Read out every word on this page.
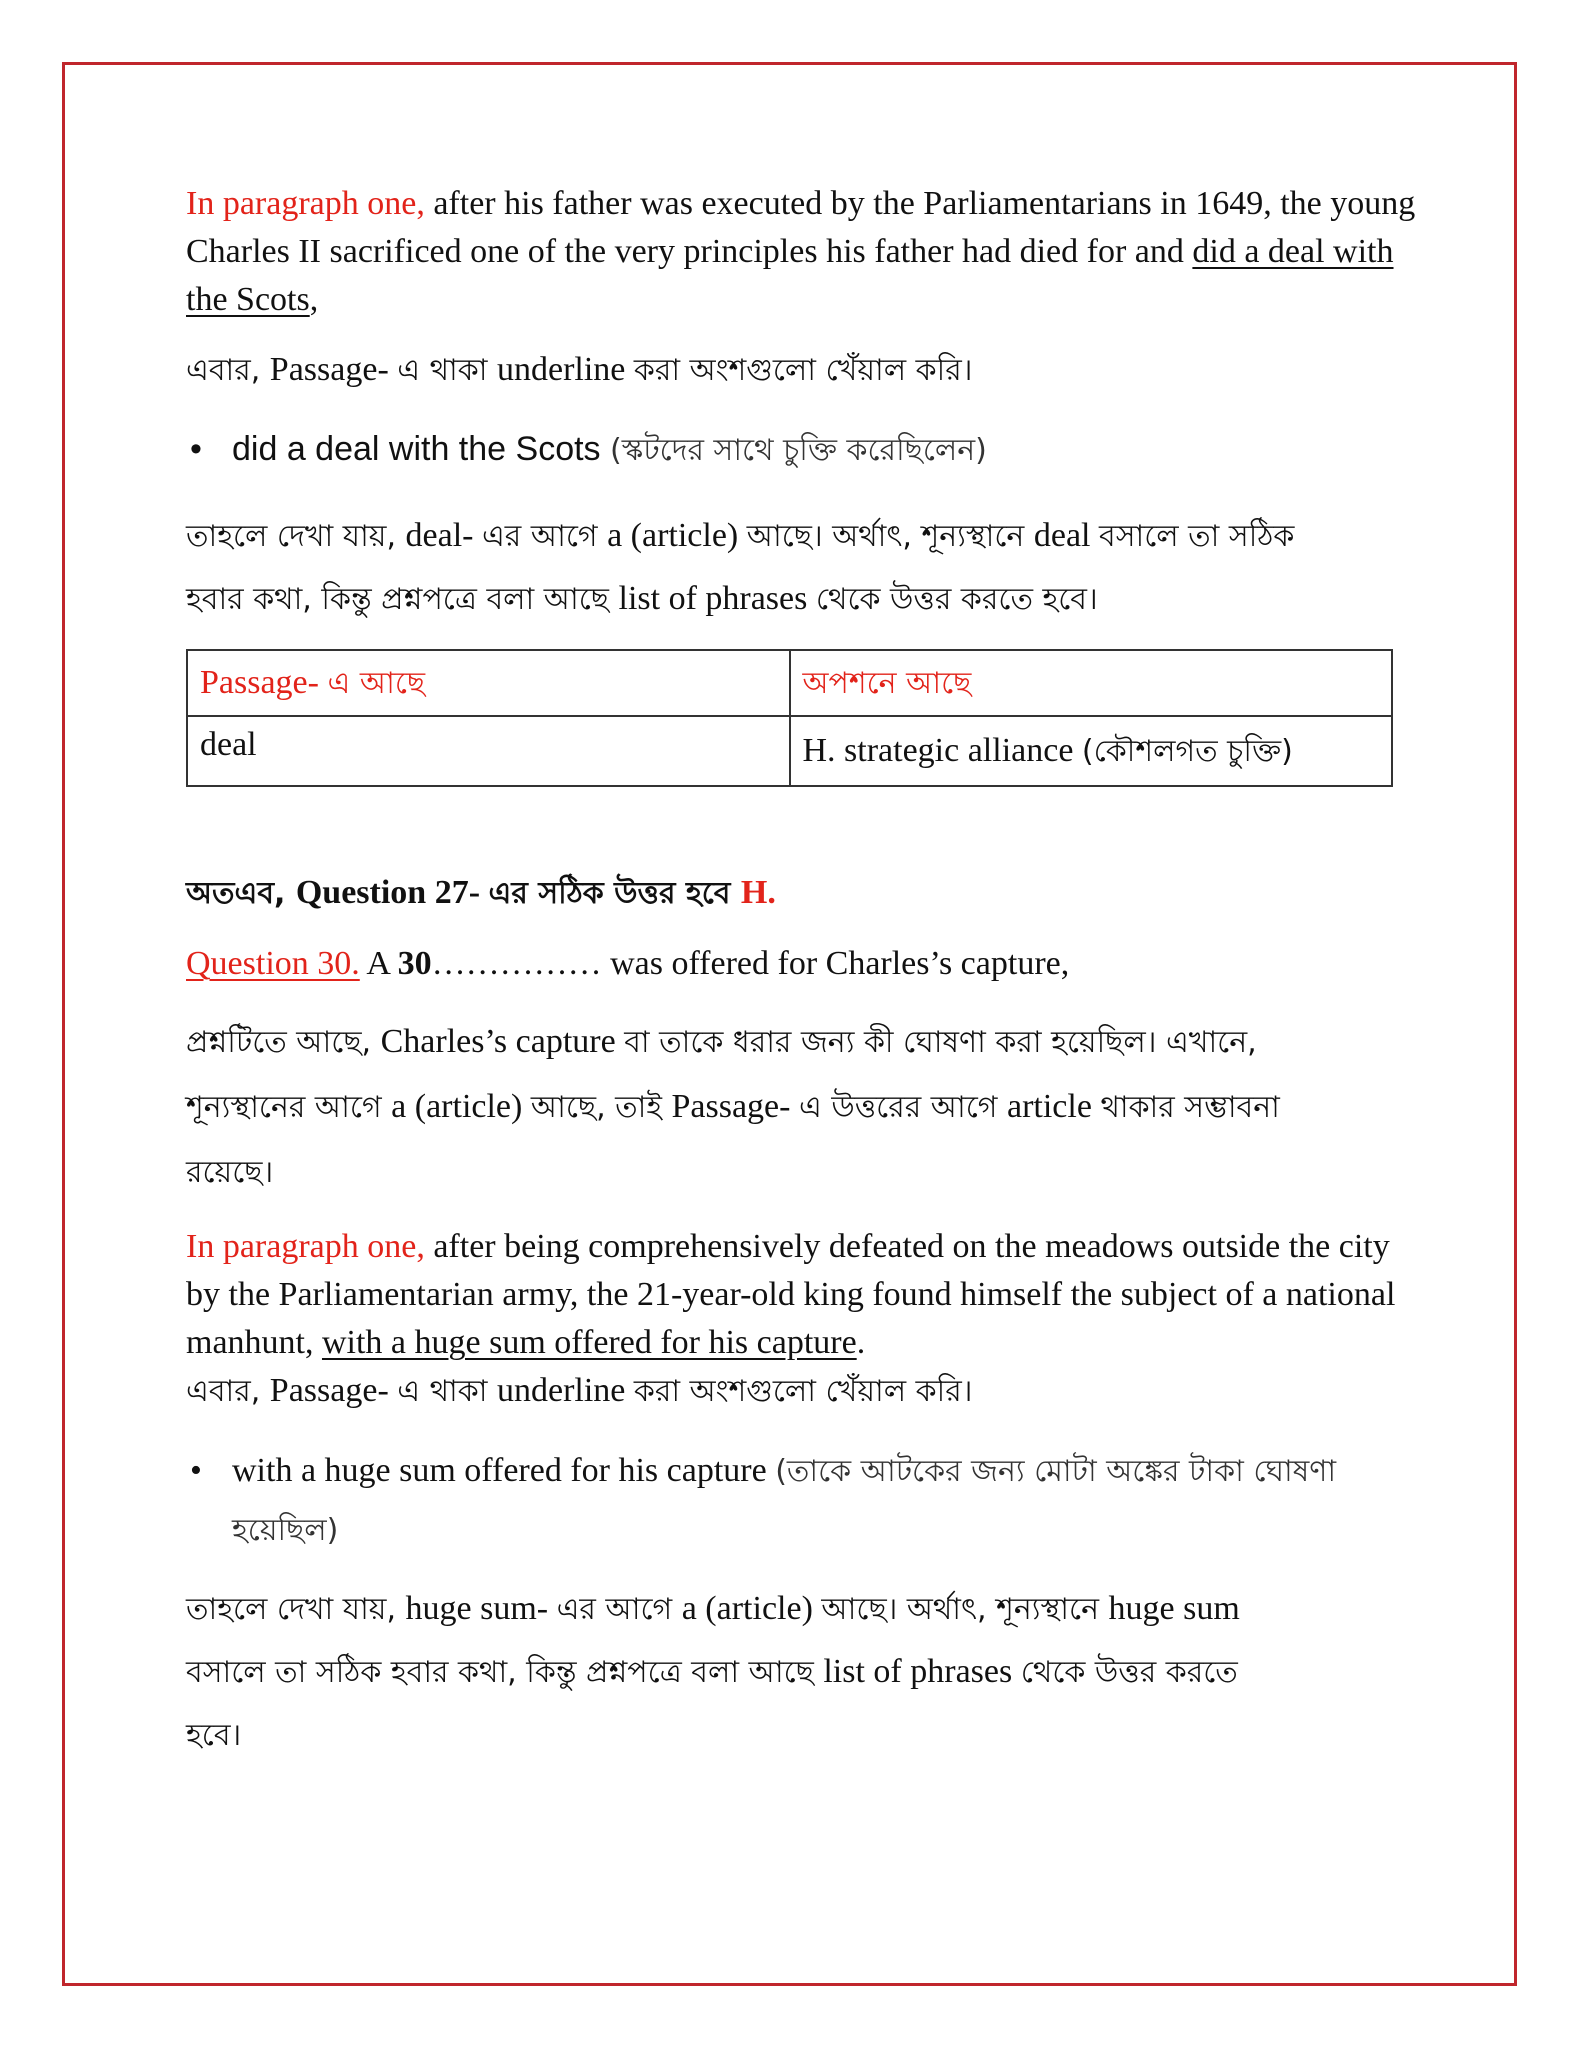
In paragraph one, after his father was executed by the Parliamentarians in 1649, the young Charles II sacrificed one of the very principles his father had died for and did a deal with the Scots,

এবার, Passage- এ থাকা underline করা অংশগুলো খেঁয়াল করি।

• did a deal with the Scots (স্কটদের সাথে চুক্তি করেছিলেন)

তাহলে দেখা যায়, deal- এর আগে a (article) আছে। অর্থাৎ, শূন্যস্থানে deal বসালে তা সঠিক
হবার কথা, কিন্তু প্রশ্নপত্রে বলা আছে list of phrases থেকে উত্তর করতে হবে।

Passage- এ আছে	অপশনে আছে
deal	H. strategic alliance (কৌশলগত চুক্তি)

অতএব, Question 27- এর সঠিক উত্তর হবে H.

Question 30. A 30…………… was offered for Charles’s capture,

প্রশ্নটিতে আছে, Charles’s capture বা তাকে ধরার জন্য কী ঘোষণা করা হয়েছিল। এখানে,
শূন্যস্থানের আগে a (article) আছে, তাই Passage- এ উত্তরের আগে article থাকার সম্ভাবনা
রয়েছে।

In paragraph one, after being comprehensively defeated on the meadows outside the city by the Parliamentarian army, the 21-year-old king found himself the subject of a national manhunt, with a huge sum offered for his capture.

এবার, Passage- এ থাকা underline করা অংশগুলো খেঁয়াল করি।

• with a huge sum offered for his capture (তাকে আটকের জন্য মোটা অঙ্কের টাকা ঘোষণা হয়েছিল)

তাহলে দেখা যায়, huge sum- এর আগে a (article) আছে। অর্থাৎ, শূন্যস্থানে huge sum
বসালে তা সঠিক হবার কথা, কিন্তু প্রশ্নপত্রে বলা আছে list of phrases থেকে উত্তর করতে
হবে।
